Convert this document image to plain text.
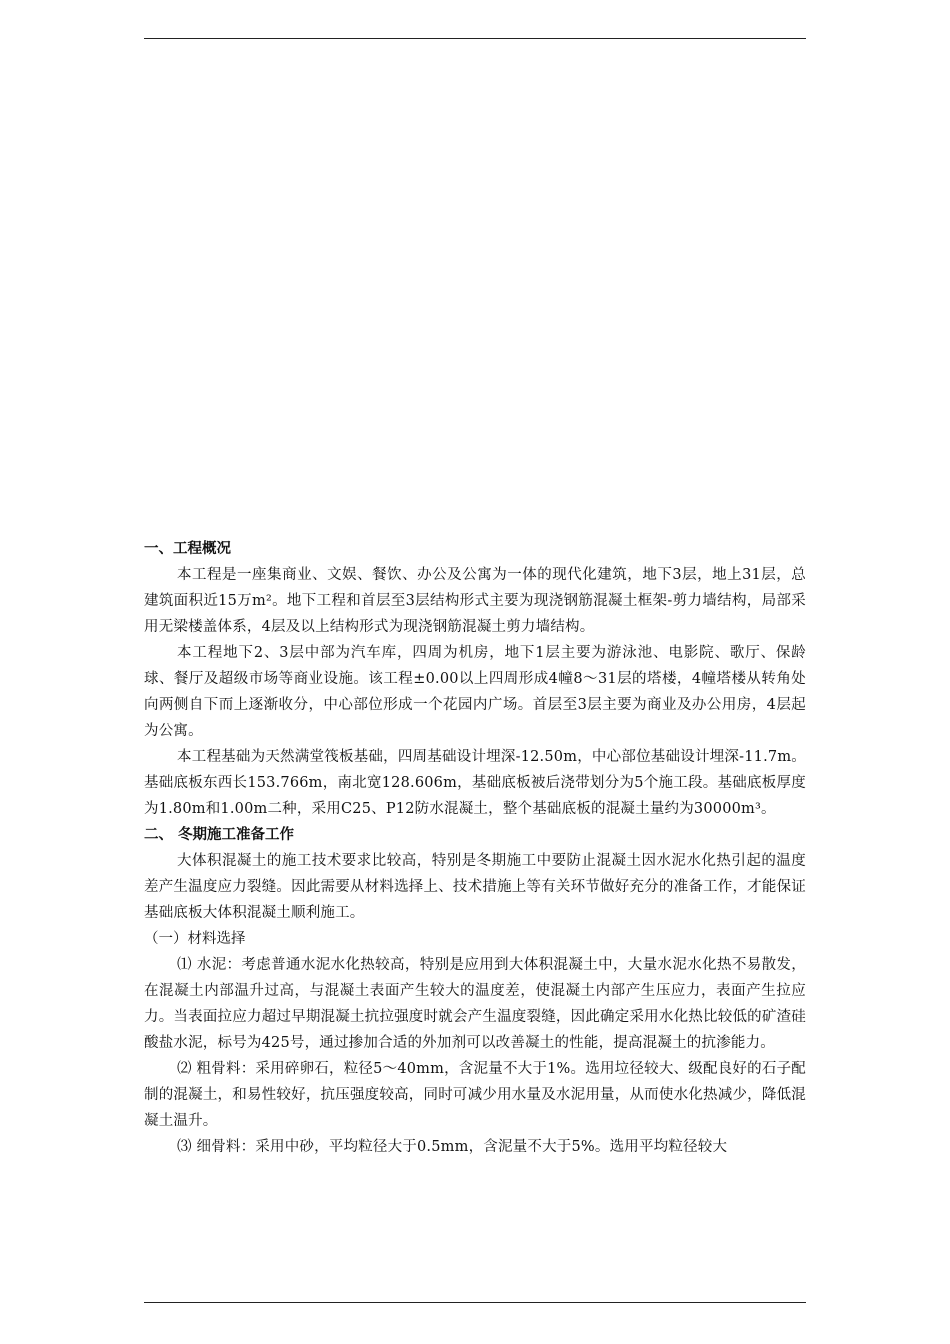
一、工程概况

本工程是一座集商业、文娱、餐饮、办公及公寓为一体的现代化建筑，地下3层，地上31层，总建筑面积近15万m²。地下工程和首层至3层结构形式主要为现浇钢筋混凝土框架-剪力墙结构，局部采用无梁楼盖体系，4层及以上结构形式为现浇钢筋混凝土剪力墙结构。

本工程地下2、3层中部为汽车库，四周为机房，地下1层主要为游泳池、电影院、歌厅、保龄球、餐厅及超级市场等商业设施。该工程±0.00以上四周形成4幢8～31层的塔楼，4幢塔楼从转角处向两侧自下而上逐渐收分，中心部位形成一个花园内广场。首层至3层主要为商业及办公用房，4层起为公寓。

本工程基础为天然满堂筏板基础，四周基础设计埋深-12.50m，中心部位基础设计埋深-11.7m。基础底板东西长153.766m，南北宽128.606m，基础底板被后浇带划分为5个施工段。基础底板厚度为1.80m和1.00m二种，采用C25、P12防水混凝土，整个基础底板的混凝土量约为30000m³。

二、 冬期施工准备工作

大体积混凝土的施工技术要求比较高，特别是冬期施工中要防止混凝土因水泥水化热引起的温度差产生温度应力裂缝。因此需要从材料选择上、技术措施上等有关环节做好充分的准备工作，才能保证基础底板大体积混凝土顺利施工。

（一）材料选择

⑴ 水泥：考虑普通水泥水化热较高，特别是应用到大体积混凝土中，大量水泥水化热不易散发，在混凝土内部温升过高，与混凝土表面产生较大的温度差，使混凝土内部产生压应力，表面产生拉应力。当表面拉应力超过早期混凝土抗拉强度时就会产生温度裂缝，因此确定采用水化热比较低的矿渣硅酸盐水泥，标号为425号，通过掺加合适的外加剂可以改善凝土的性能，提高混凝土的抗渗能力。

⑵ 粗骨料：采用碎卵石，粒径5～40mm，含泥量不大于1%。选用垃径较大、级配良好的石子配制的混凝土，和易性较好，抗压强度较高，同时可减少用水量及水泥用量，从而使水化热减少，降低混凝土温升。

⑶ 细骨料：采用中砂，平均粒径大于0.5mm，含泥量不大于5%。选用平均粒径较大
